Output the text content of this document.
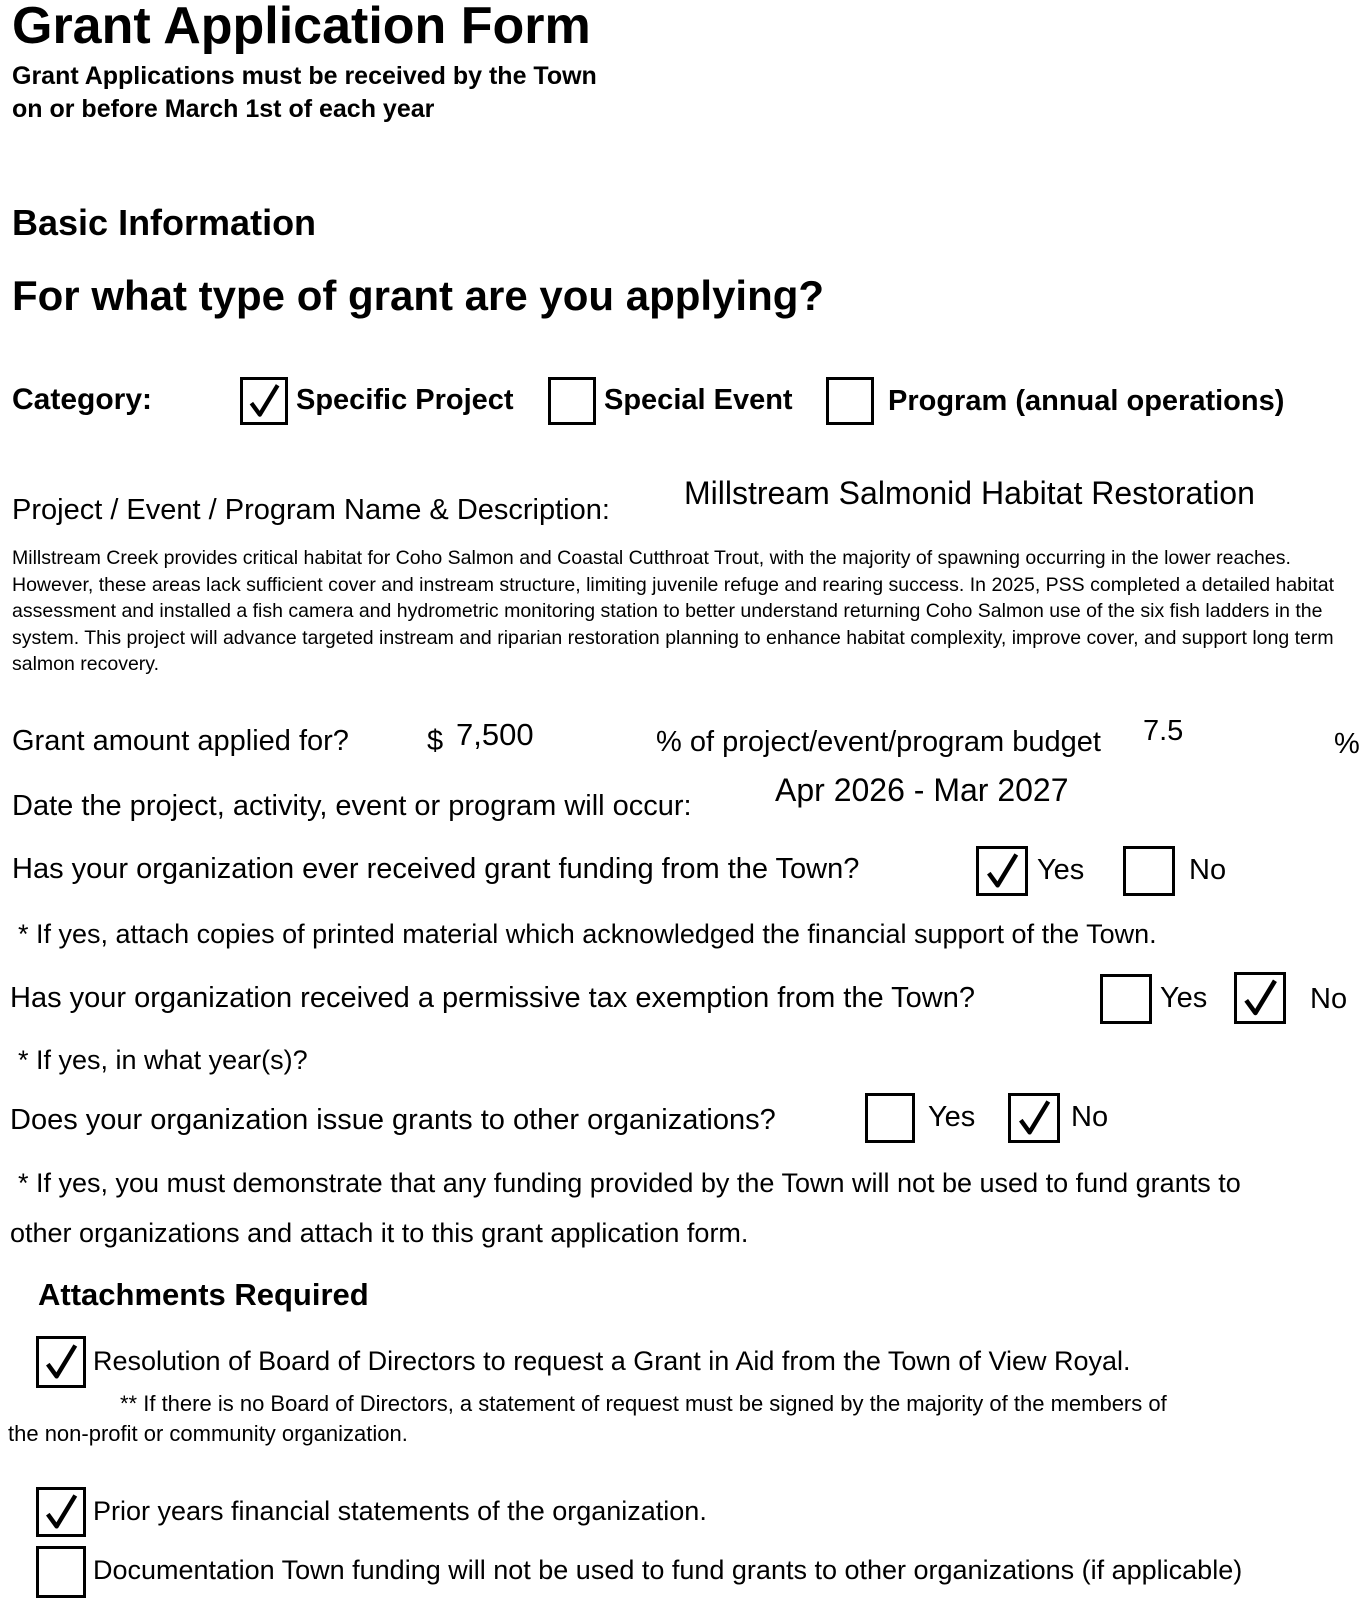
Grant Application Form
Grant Applications must be received by the Town
on or before March 1st of each year
Basic Information
For what type of grant are you applying?
Category:	Specific Project	Special Event	Program (annual operations)
Project / Event / Program Name & Description: Millstream Salmonid Habitat Restoration
Millstream Creek provides critical habitat for Coho Salmon and Coastal Cutthroat Trout, with the majority of spawning occurring in the lower reaches. However, these areas lack sufficient cover and instream structure, limiting juvenile refuge and rearing success. In 2025, PSS completed a detailed habitat assessment and installed a fish camera and hydrometric monitoring station to better understand returning Coho Salmon use of the six fish ladders in the system. This project will advance targeted instream and riparian restoration planning to enhance habitat complexity, improve cover, and support long term salmon recovery.
Grant amount applied for?	$ 7,500	% of project/event/program budget 7.5	%
Date the project, activity, event or program will occur:	Apr 2026 - Mar 2027
Has your organization ever received grant funding from the Town?	Yes	No
* If yes, attach copies of printed material which acknowledged the financial support of the Town.
Has your organization received a permissive tax exemption from the Town?	Yes	No
* If yes, in what year(s)?
Does your organization issue grants to other organizations?	Yes	No
* If yes, you must demonstrate that any funding provided by the Town will not be used to fund grants to
other organizations and attach it to this grant application form.
Attachments Required
Resolution of Board of Directors to request a Grant in Aid from the Town of View Royal.
** If there is no Board of Directors, a statement of request must be signed by the majority of the members of
the non-profit or community organization.
Prior years financial statements of the organization.
Documentation Town funding will not be used to fund grants to other organizations (if applicable)
